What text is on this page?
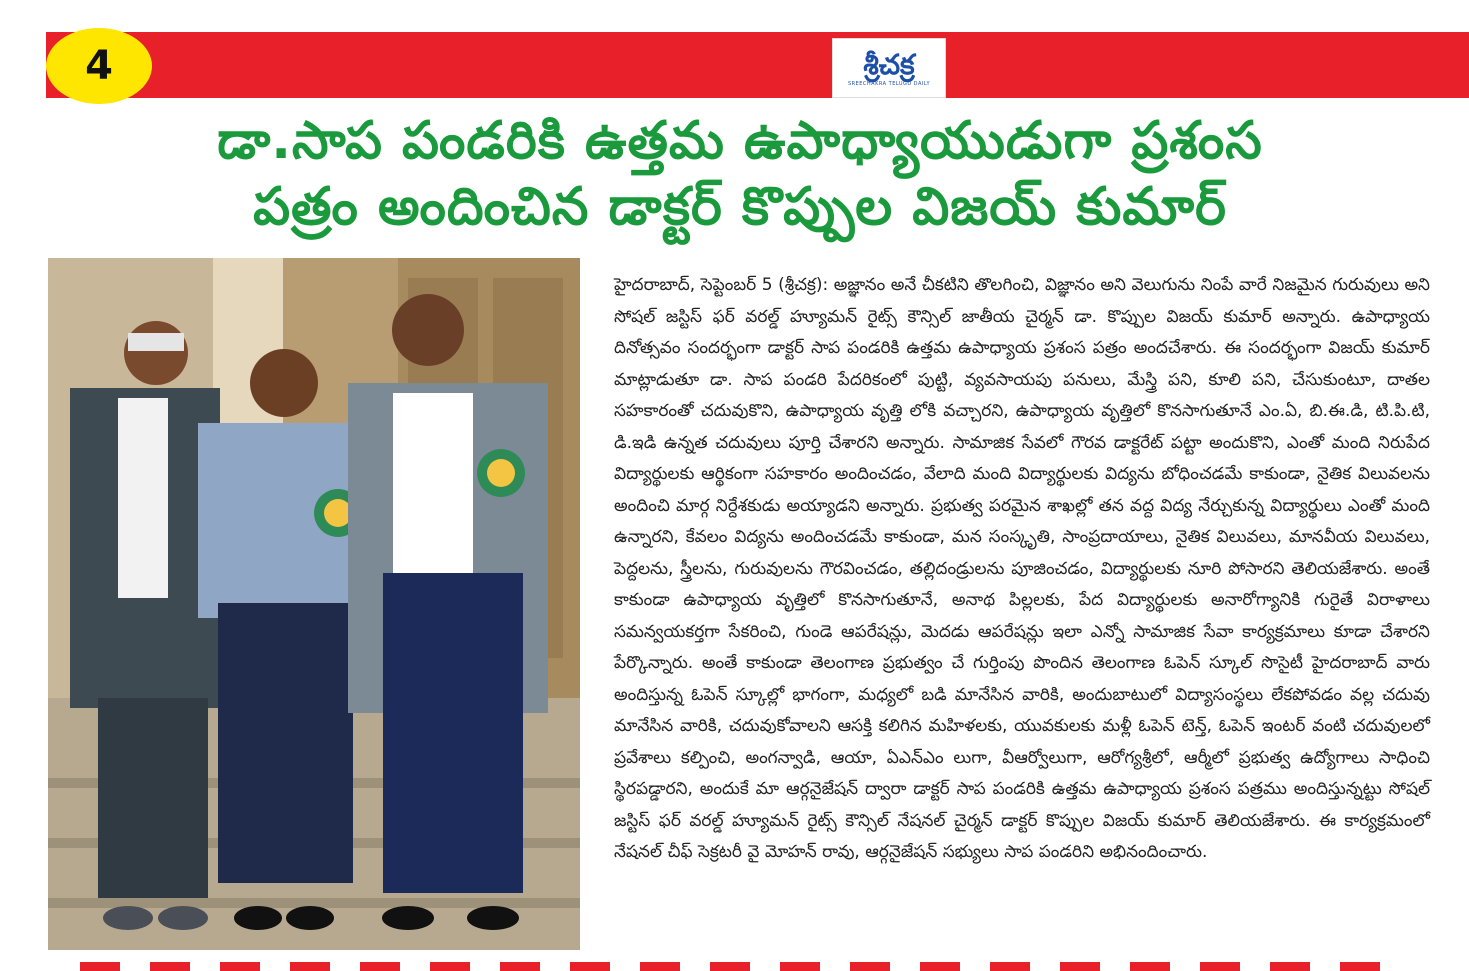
4	శ్రీచక్ర
SREECHAKRA TELUGU DAILY
డా.సాప పండరికి ఉత్తమ ఉపాధ్యాయుడుగా ప్రశంస
పత్రం అందించిన డాక్టర్ కొప్పుల విజయ్ కుమార్
హైదరాబాద్, సెప్టెంబర్ 5 (శ్రీచక్ర): అజ్ఞానం అనే చీకటిని తొలగించి, విజ్ఞానం అని వెలుగును నింపే వారే నిజమైన గురువులు అని సోషల్ జస్టిస్ ఫర్ వరల్డ్ హ్యూమన్ రైట్స్ కౌన్సిల్ జాతీయ చైర్మన్ డా. కొప్పుల విజయ్ కుమార్ అన్నారు. ఉపాధ్యాయ దినోత్సవం సందర్భంగా డాక్టర్ సాప పండరికి ఉత్తమ ఉపాధ్యాయ ప్రశంస పత్రం అందచేశారు. ఈ సందర్భంగా విజయ్ కుమార్ మాట్లాడుతూ డా. సాప పండరి పేదరికంలో పుట్టి, వ్యవసాయపు పనులు, మేస్త్రి పని, కూలి పని, చేసుకుంటూ, దాతల సహకారంతో చదువుకొని, ఉపాధ్యాయ వృత్తి లోకి వచ్చారని, ఉపాధ్యాయ వృత్తిలో కొనసాగుతూనే ఎం.ఏ, బి.ఈ.డి, టి.పి.టి, డి.ఇడి ఉన్నత చదువులు పూర్తి చేశారని అన్నారు. సామాజిక సేవలో గౌరవ డాక్టరేట్ పట్టా అందుకొని, ఎంతో మంది నిరుపేద విద్యార్థులకు ఆర్థికంగా సహకారం అందించడం, వేలాది మంది విద్యార్థులకు విద్యను బోధించడమే కాకుండా, నైతిక విలువలను అందించి మార్గ నిర్దేశకుడు అయ్యాడని అన్నారు. ప్రభుత్వ పరమైన శాఖల్లో తన వద్ద విద్య నేర్చుకున్న విద్యార్థులు ఎంతో మంది ఉన్నారని, కేవలం విద్యను అందించడమే కాకుండా, మన సంస్కృతి, సాంప్రదాయాలు, నైతిక విలువలు, మానవీయ విలువలు, పెద్దలను, స్త్రీలను, గురువులను గౌరవించడం, తల్లిదండ్రులను పూజించడం, విద్యార్థులకు నూరి పోసారని తెలియజేశారు. అంతే కాకుండా ఉపాధ్యాయ వృత్తిలో కొనసాగుతూనే, అనాథ పిల్లలకు, పేద విద్యార్థులకు అనారోగ్యానికి గురైతే విరాళాలు సమన్వయకర్తగా సేకరించి, గుండె ఆపరేషన్లు, మెదడు ఆపరేషన్లు ఇలా ఎన్నో సామాజిక సేవా కార్యక్రమాలు కూడా చేశారని పేర్కొన్నారు. అంతే కాకుండా తెలంగాణ ప్రభుత్వం చే గుర్తింపు పొందిన తెలంగాణ ఓపెన్ స్కూల్ సొసైటీ హైదరాబాద్ వారు అందిస్తున్న ఓపెన్ స్కూల్లో భాగంగా, మధ్యలో బడి మానేసిన వారికి, అందుబాటులో విద్యాసంస్థలు లేకపోవడం వల్ల చదువు మానేసిన వారికి, చదువుకోవాలని ఆసక్తి కలిగిన మహిళలకు, యువకులకు మళ్లీ ఓపెన్ టెన్త్, ఓపెన్ ఇంటర్ వంటి చదువులలో ప్రవేశాలు కల్పించి, అంగన్వాడి, ఆయా, ఏఎన్ఎం లుగా, వీఆర్వోలుగా, ఆరోగ్యశ్రీలో, ఆర్మీలో ప్రభుత్వ ఉద్యోగాలు సాధించి స్థిరపడ్డారని, అందుకే మా ఆర్గనైజేషన్ ద్వారా డాక్టర్ సాప పండరికి ఉత్తమ ఉపాధ్యాయ ప్రశంస పత్రము అందిస్తున్నట్టు సోషల్ జస్టిస్ ఫర్ వరల్డ్ హ్యూమన్ రైట్స్ కౌన్సిల్ నేషనల్ చైర్మన్ డాక్టర్ కొప్పుల విజయ్ కుమార్ తెలియజేశారు. ఈ కార్యక్రమంలో నేషనల్ చీఫ్ సెక్రటరీ వై మోహన్ రావు, ఆర్గనైజేషన్ సభ్యులు సాప పండరిని అభినందించారు.
